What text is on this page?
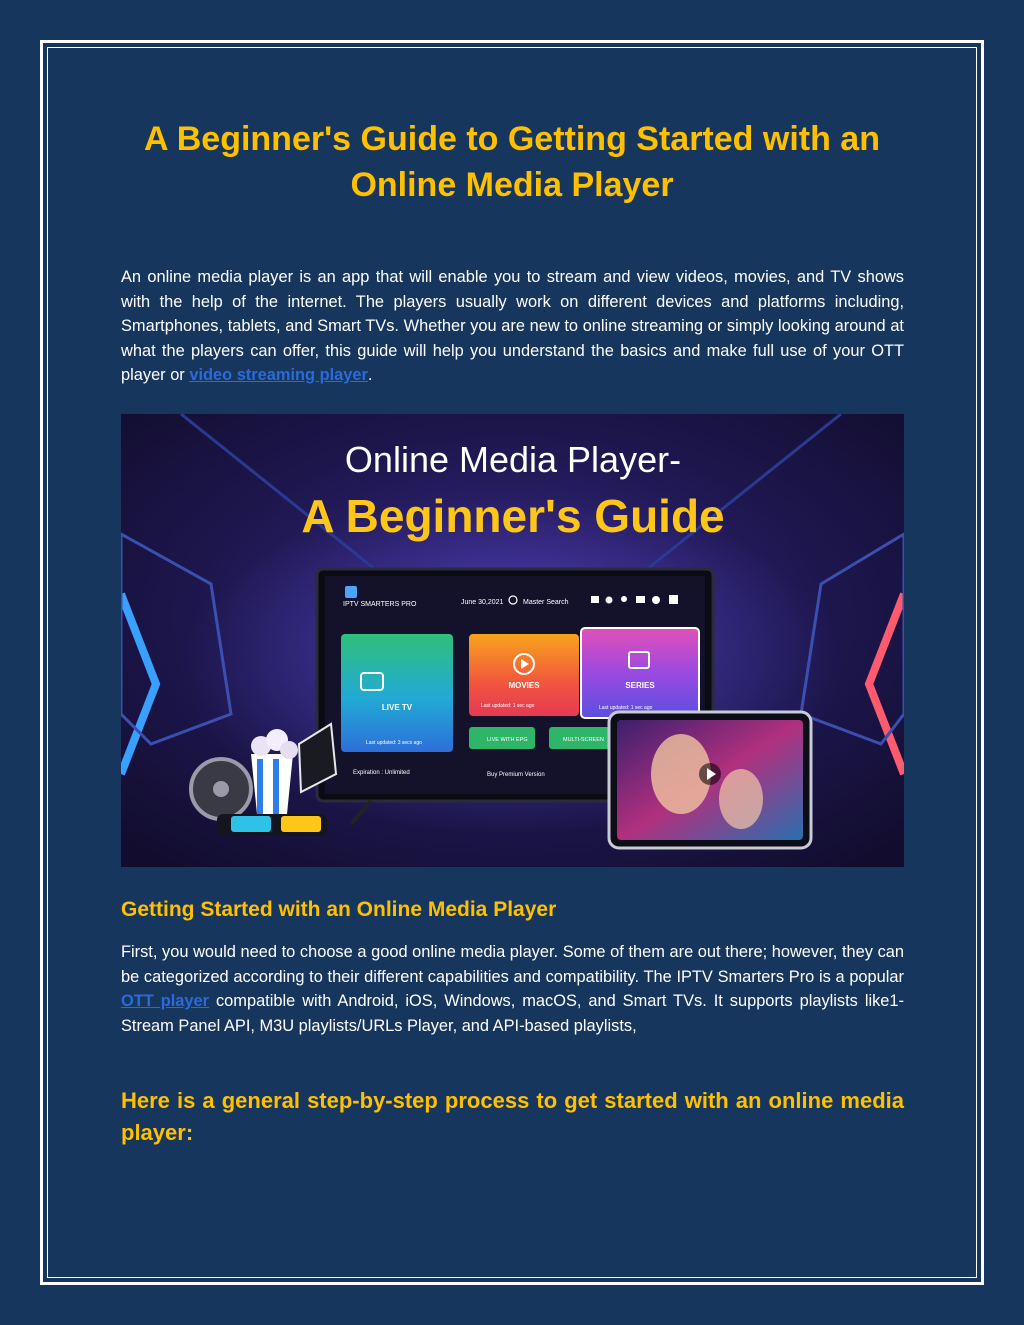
A Beginner's Guide to Getting Started with an Online Media Player

An online media player is an app that will enable you to stream and view videos, movies, and TV shows with the help of the internet. The players usually work on different devices and platforms including, Smartphones, tablets, and Smart TVs. Whether you are new to online streaming or simply looking around at what the players can offer, this guide will help you understand the basics and make full use of your OTT player or video streaming player.

Online Media Player-
A Beginner's Guide
IPTV SMARTERS PRO	June 30,2021	Master Search
LIVE TV
Last updated: 3 secs ago
MOVIES
Last updated: 1 sec ago
SERIES
Last updated: 1 sec ago
LIVE WITH EPG	MULTI-SCREEN
Expiration : Unlimited	Buy Premium Version
Getting Started with an Online Media Player

First, you would need to choose a good online media player. Some of them are out there; however, they can be categorized according to their different capabilities and compatibility. The IPTV Smarters Pro is a popular OTT player compatible with Android, iOS, Windows, macOS, and Smart TVs. It supports playlists like1-Stream Panel API, M3U playlists/URLs Player, and API-based playlists,

Here is a general step-by-step process to get started with an online media player:
